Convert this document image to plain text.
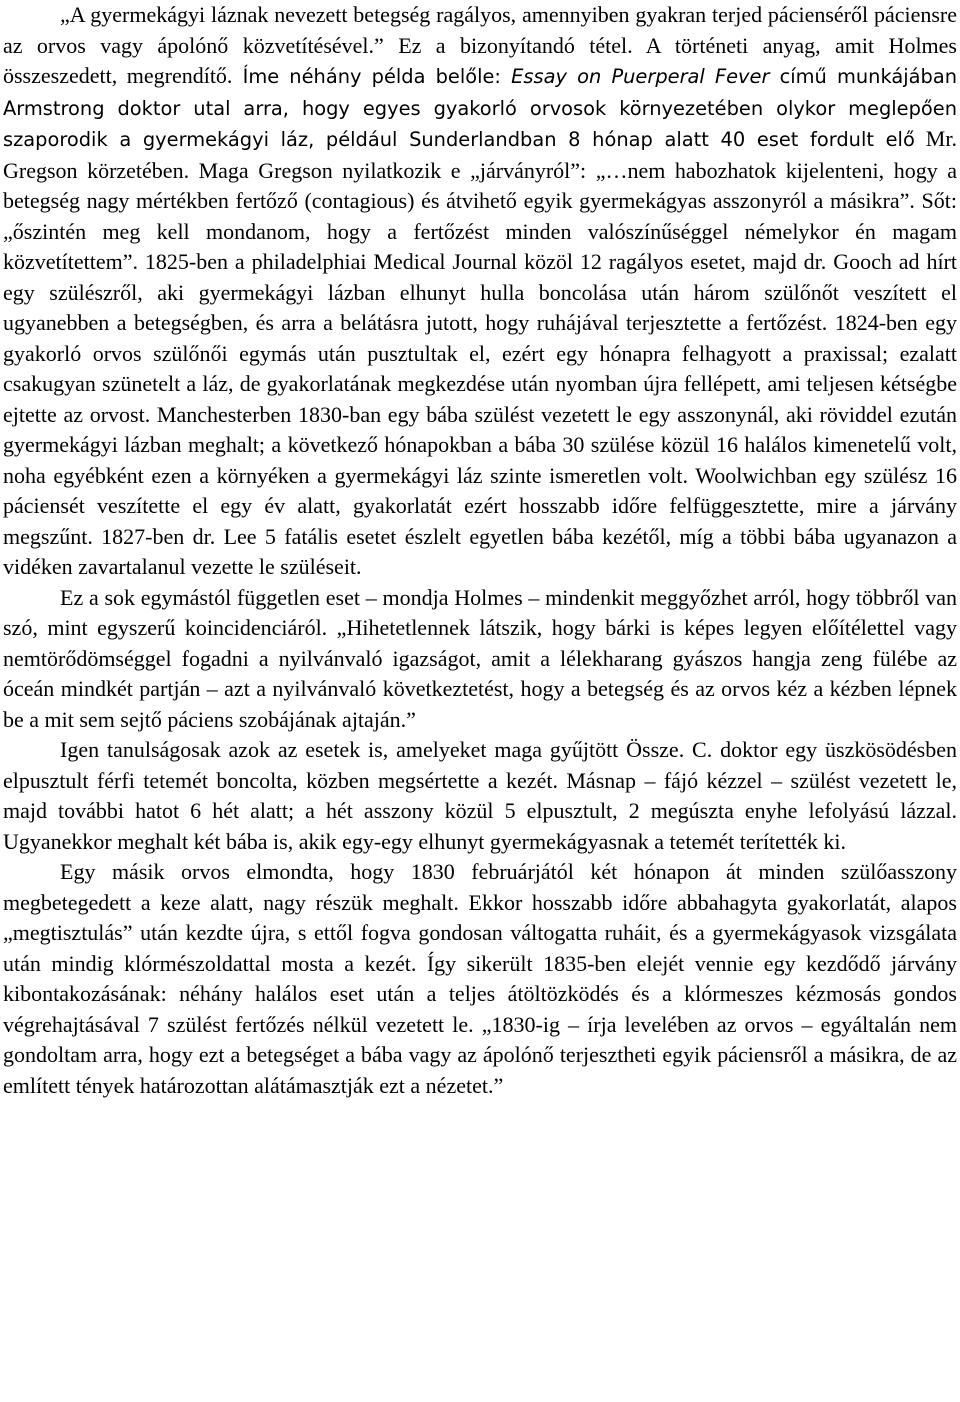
„A gyermekágyi láznak nevezett betegség ragályos, amennyiben gyakran terjed pácienséről páciensre az orvos vagy ápolónő közvetítésével.” Ez a bizonyítandó tétel. A történeti anyag, amit Holmes összeszedett, megrendítő. Íme néhány példa belőle: Essay on Puerperal Fever című munkájában Armstrong doktor utal arra, hogy egyes gyakorló orvosok környezetében olykor meglepően szaporodik a gyermekágyi láz, például Sunderlandban 8 hónap alatt 40 eset fordult elő Mr. Gregson körzetében. Maga Gregson nyilatkozik e „járványról”: „…nem habozhatok kijelenteni, hogy a betegség nagy mértékben fertőző (contagious) és átvihető egyik gyermekágyas asszonyról a másikra”. Sőt: „őszintén meg kell mondanom, hogy a fertőzést minden valószínűséggel némelykor én magam közvetítettem”. 1825-ben a philadelphiai Medical Journal közöl 12 ragályos esetet, majd dr. Gooch ad hírt egy szülészről, aki gyermekágyi lázban elhunyt hulla boncolása után három szülőnőt veszített el ugyanebben a betegségben, és arra a belátásra jutott, hogy ruhájával terjesztette a fertőzést. 1824-ben egy gyakorló orvos szülőnői egymás után pusztultak el, ezért egy hónapra felhagyott a praxissal; ezalatt csakugyan szünetelt a láz, de gyakorlatának megkezdése után nyomban újra fellépett, ami teljesen kétségbe ejtette az orvost. Manchesterben 1830-ban egy bába szülést vezetett le egy asszonynál, aki röviddel ezután gyermekágyi lázban meghalt; a következő hónapokban a bába 30 szülése közül 16 halálos kimenetelű volt, noha egyébként ezen a környéken a gyermekágyi láz szinte ismeretlen volt. Woolwichban egy szülész 16 páciensét veszítette el egy év alatt, gyakorlatát ezért hosszabb időre felfüggesztette, mire a járvány megszűnt. 1827-ben dr. Lee 5 fatális esetet észlelt egyetlen bába kezétől, míg a többi bába ugyanazon a vidéken zavartalanul vezette le szüléseit.

Ez a sok egymástól független eset – mondja Holmes – mindenkit meggyőzhet arról, hogy többről van szó, mint egyszerű koincidenciáról. „Hihetetlennek látszik, hogy bárki is képes legyen előítélettel vagy nemtörődömséggel fogadni a nyilvánvaló igazságot, amit a lélekharang gyászos hangja zeng fülébe az óceán mindkét partján – azt a nyilvánvaló következtetést, hogy a betegség és az orvos kéz a kézben lépnek be a mit sem sejtő páciens szobájának ajtaján.”

Igen tanulságosak azok az esetek is, amelyeket maga gyűjtött Össze. C. doktor egy üszkösödésben elpusztult férfi tetemét boncolta, közben megsértette a kezét. Másnap – fájó kézzel – szülést vezetett le, majd további hatot 6 hét alatt; a hét asszony közül 5 elpusztult, 2 megúszta enyhe lefolyású lázzal. Ugyanekkor meghalt két bába is, akik egy-egy elhunyt gyermekágyasnak a tetemét terítették ki.

Egy másik orvos elmondta, hogy 1830 februárjától két hónapon át minden szülőasszony megbetegedett a keze alatt, nagy részük meghalt. Ekkor hosszabb időre abbahagyta gyakorlatát, alapos „megtisztulás” után kezdte újra, s ettől fogva gondosan váltogatta ruháit, és a gyermekágyasok vizsgálata után mindig klórmészoldattal mosta a kezét. Így sikerült 1835-ben elejét vennie egy kezdődő járvány kibontakozásának: néhány halálos eset után a teljes átöltözködés és a klórmeszes kézmosás gondos végrehajtásával 7 szülést fertőzés nélkül vezetett le. „1830-ig – írja levelében az orvos – egyáltalán nem gondoltam arra, hogy ezt a betegséget a bába vagy az ápolónő terjesztheti egyik páciensről a másikra, de az említett tények határozottan alátámasztják ezt a nézetet.”
